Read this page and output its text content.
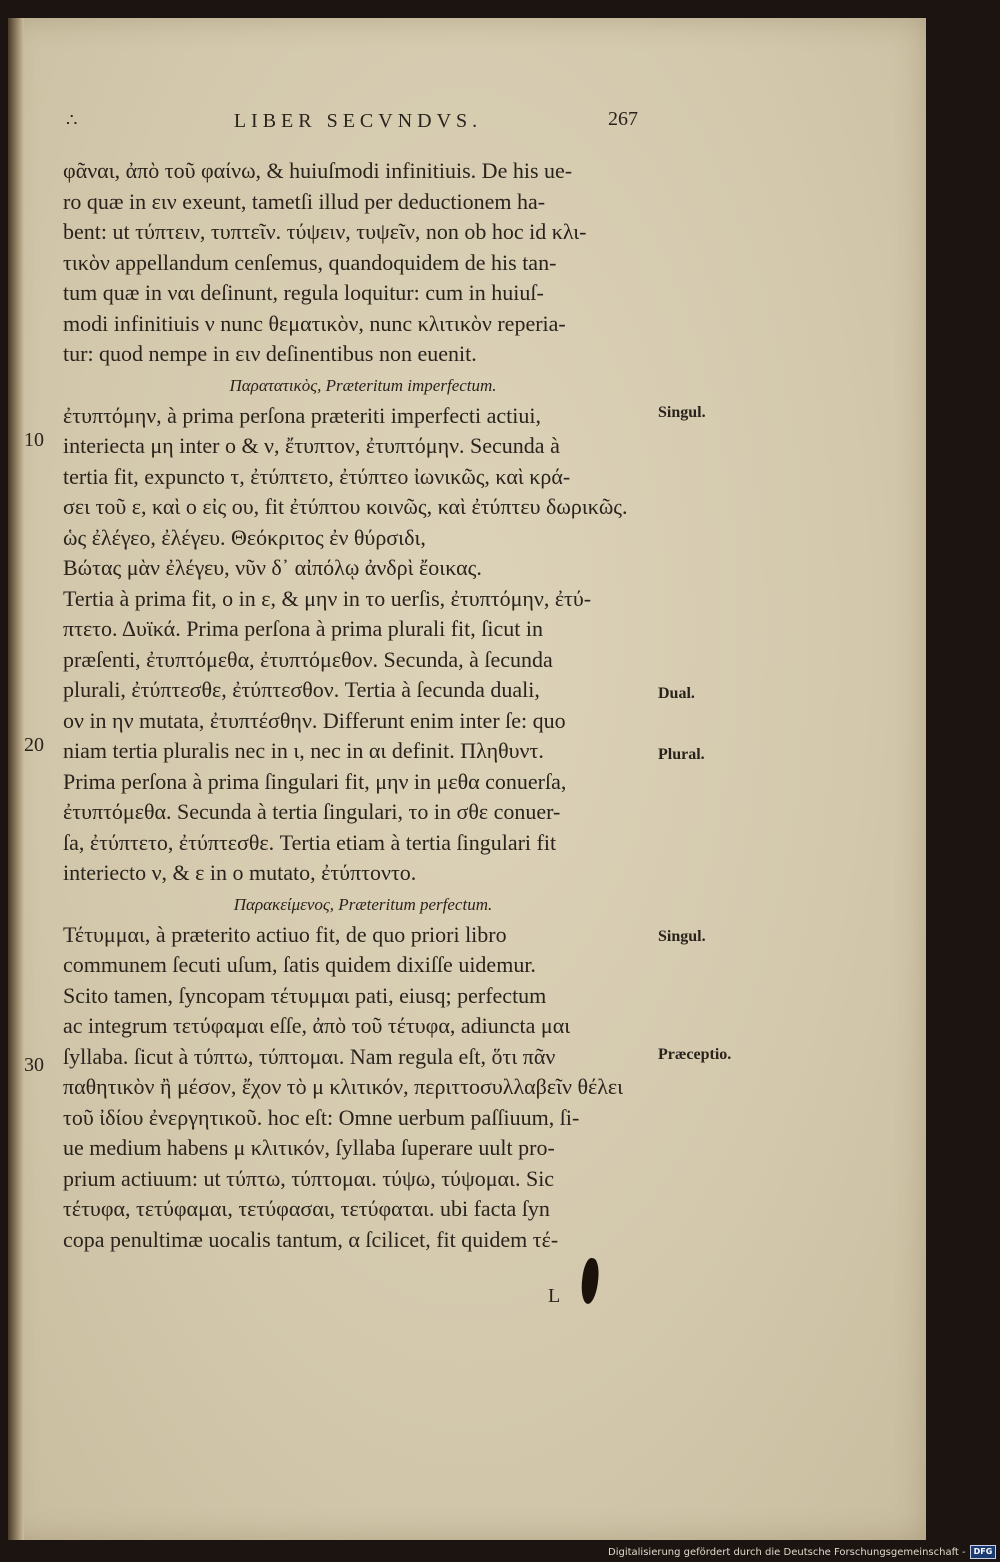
∴	LIBER SECVNDVS.	267
φᾶναι, ἀπὸ τοῦ φαίνω, & huiuſmodi infinitiuis. De his ue-
ro quæ in ειν exeunt, tametſi illud per deductionem ha-
bent: ut τύπτειν, τυπτεῖν. τύψειν, τυψεῖν, non ob hoc id κλι-
τικὸν appellandum cenſemus, quandoquidem de his tan-
tum quæ in ναι deſinunt, regula loquitur: cum in huiuſ-
modi infinitiuis ν nunc θεματικὸν, nunc κλιτικὸν reperia-
tur: quod nempe in ειν deſinentibus non euenit.
Παρατατικὸς, Præteritum imperfectum.
ἐτυπτόμην, à prima perſona præteriti imperfecti actiui,
interiecta μη inter ο & ν, ἔτυπτον, ἐτυπτόμην. Secunda à
tertia fit, expuncto τ, ἐτύπτετο, ἐτύπτεο ἰωνικῶς, καὶ κρά-
σει τοῦ ε, καὶ ο εἰς ου, fit ἐτύπτου κοινῶς, καὶ ἐτύπτευ δωρικῶς.
ὡς ἐλέγεο, ἐλέγευ. Θεόκριτος ἐν θύρσιδι,
Βώτας μὰν ἐλέγευ, νῦν δ᾽ αἰπόλῳ ἀνδρὶ ἔοικας.
Tertia à prima fit, ο in ε, & μην in το uerſis, ἐτυπτόμην, ἐτύ-
πτετο. Δυϊκά. Prima perſona à prima plurali fit, ſicut in
præſenti, ἐτυπτόμεθα, ἐτυπτόμεθον. Secunda, à ſecunda
plurali, ἐτύπτεσθε, ἐτύπτεσθον. Tertia à ſecunda duali,
ον in ην mutata, ἐτυπτέσθην. Differunt enim inter ſe: quo
niam tertia pluralis nec in ι, nec in αι definit. Πληθυντ.
Prima perſona à prima ſingulari fit, μην in μεθα conuerſa,
ἐτυπτόμεθα. Secunda à tertia ſingulari, το in σθε conuer-
ſa, ἐτύπτετο, ἐτύπτεσθε. Tertia etiam à tertia ſingulari fit
interiecto ν, & ε in ο mutato, ἐτύπτοντο.
Παρακείμενος, Præteritum perfectum.
Τέτυμμαι, à præterito actiuo fit, de quo priori libro
communem ſecuti uſum, ſatis quidem dixiſſe uidemur.
Scito tamen, ſyncopam τέτυμμαι pati, eiusq; perfectum
ac integrum τετύφαμαι eſſe, ἀπὸ τοῦ τέτυφα, adiuncta μαι
ſyllaba. ſicut à τύπτω, τύπτομαι. Nam regula eſt, ὅτι πᾶν
παθητικὸν ἢ μέσον, ἔχον τὸ μ κλιτικόν, περιττοσυλλαβεῖν θέλει
τοῦ ἰδίου ἐνεργητικοῦ. hoc eſt: Omne uerbum paſſiuum, ſi-
ue medium habens μ κλιτικόν, ſyllaba ſuperare uult pro-
prium actiuum: ut τύπτω, τύπτομαι. τύψω, τύψομαι. Sic
τέτυφα, τετύφαμαι, τετύφασαι, τετύφαται. ubi facta ſyn
copa penultimæ uocalis tantum, α ſcilicet, fit quidem τέ-
Singul.
Dual.
Plural.
Singul.
Præceptio.
10
20
30
L
Digitalisierung gefördert durch die Deutsche Forschungsgemeinschaft -	DFG
